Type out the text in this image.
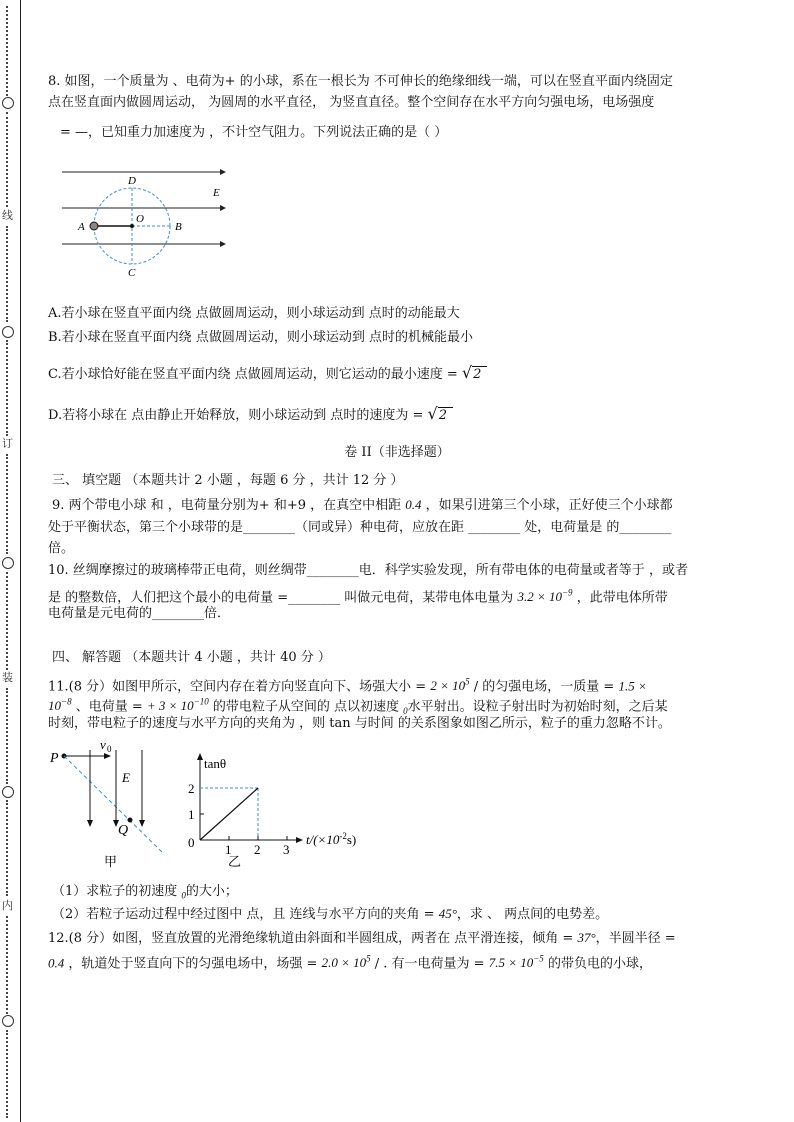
线
订
装
内
8. 如图，一个质量为 、电荷为+ 的小球，系在一根长为 不可伸长的绝缘细线一端，可以在竖直平面内绕固定
点在竖直面内做圆周运动， 为圆周的水平直径， 为竖直直径。整个空间存在水平方向匀强电场，电场强度
= —，已知重力加速度为 ，不计空气阻力。下列说法正确的是（ ）
D
O
A	B
C
E
A.若小球在竖直平面内绕 点做圆周运动，则小球运动到 点时的动能最大
B.若小球在竖直平面内绕 点做圆周运动，则小球运动到 点时的机械能最小
C.若小球恰好能在竖直平面内绕 点做圆周运动，则它运动的最小速度 = √2
D.若将小球在 点由静止开始释放，则小球运动到 点时的速度为 = √2
卷 II（非选择题）
三、 填空题 （本题共计 2 小题 ，每题 6 分 ，共计 12 分 ）
9. 两个带电小球 和 ，电荷量分别为+ 和+9 ，在真空中相距 0.4 ，如果引进第三个小球，正好使三个小球都
处于平衡状态，第三个小球带的是________（同或异）种电荷，应放在距 ________ 处，电荷量是 的________
倍。
10. 丝绸摩擦过的玻璃棒带正电荷，则丝绸带________电．科学实验发现，所有带电体的电荷量或者等于 ，或者
是 的整数倍，人们把这个最小的电荷量 =________ 叫做元电荷，某带电体电量为 $3.2 \times 10^{-9}$ ，此带电体所带
电荷量是元电荷的________倍．
四、 解答题 （本题共计 4 小题 ，共计 40 分 ）
11.(8 分）如图甲所示，空间内存在着方向竖直向下、场强大小 = $2 \times 10^5$ / 的匀强电场，一质量 = 1.5 ×
$10^{-8}$ 、电荷量 = + $3 \times 10^{-10}$ 的带电粒子从空间的 点以初速度 $_0$水平射出。设粒子射出时为初始时刻，之后某
时刻，带电粒子的速度与水平方向的夹角为 ，则 tan 与时间 的关系图象如图乙所示，粒子的重力忽略不计。
P
v 0
E
Q
甲
tanθ
2
1
0 1 2 3
$t/(\times 10^{-2}s)$
乙
（1）求粒子的初速度 $_0$的大小；
（2）若粒子运动过程中经过图中 点，且 连线与水平方向的夹角 = 45°，求 、 两点间的电势差。
12.(8 分）如图，竖直放置的光滑绝缘轨道由斜面和半圆组成，两者在 点平滑连接，倾角 = 37°，半圆半径 =
0.4 ，轨道处于竖直向下的匀强电场中，场强 = $2.0 \times 10^5$ / . 有一电荷量为 = $7.5 \times 10^{-5}$ 的带负电的小球，
